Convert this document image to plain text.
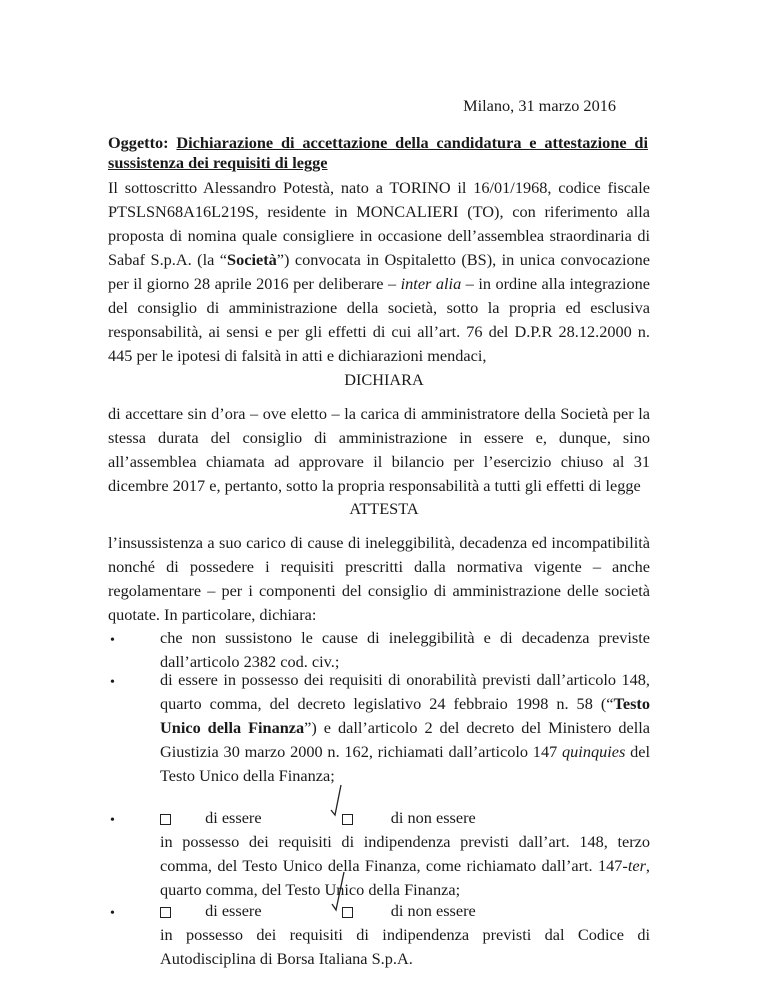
Milano, 31 marzo 2016
Oggetto: Dichiarazione di accettazione della candidatura e attestazione di
sussistenza dei requisiti di legge
Il sottoscritto Alessandro Potestà, nato a TORINO il 16/01/1968, codice fiscale PTSLSN68A16L219S, residente in MONCALIERI (TO), con riferimento alla proposta di nomina quale consigliere in occasione dell’assemblea straordinaria di Sabaf S.p.A. (la “Società”) convocata in Ospitaletto (BS), in unica convocazione per il giorno 28 aprile 2016 per deliberare – inter alia – in ordine alla integrazione del consiglio di amministrazione della società, sotto la propria ed esclusiva responsabilità, ai sensi e per gli effetti di cui all’art. 76 del D.P.R 28.12.2000 n. 445 per le ipotesi di falsità in atti e dichiarazioni mendaci,
DICHIARA
di accettare sin d’ora – ove eletto – la carica di amministratore della Società per la stessa durata del consiglio di amministrazione in essere e, dunque, sino all’assemblea chiamata ad approvare il bilancio per l’esercizio chiuso al 31 dicembre 2017 e, pertanto, sotto la propria responsabilità a tutti gli effetti di legge
ATTESTA
l’insussistenza a suo carico di cause di ineleggibilità, decadenza ed incompatibilità nonché di possedere i requisiti prescritti dalla normativa vigente – anche regolamentare – per i componenti del consiglio di amministrazione delle società quotate. In particolare, dichiara:
•	che non sussistono le cause di ineleggibilità e di decadenza previste dall’articolo 2382 cod. civ.;
•	di essere in possesso dei requisiti di onorabilità previsti dall’articolo 148, quarto comma, del decreto legislativo 24 febbraio 1998 n. 58 (“Testo Unico della Finanza”) e dall’articolo 2 del decreto del Ministero della Giustizia 30 marzo 2000 n. 162, richiamati dall’articolo 147 quinquies del Testo Unico della Finanza;
•	di essere	di non essere
in possesso dei requisiti di indipendenza previsti dall’art. 148, terzo comma, del Testo Unico della Finanza, come richiamato dall’art. 147-ter, quarto comma, del Testo Unico della Finanza;
•	di essere	di non essere
in possesso dei requisiti di indipendenza previsti dal Codice di Autodisciplina di Borsa Italiana S.p.A.
